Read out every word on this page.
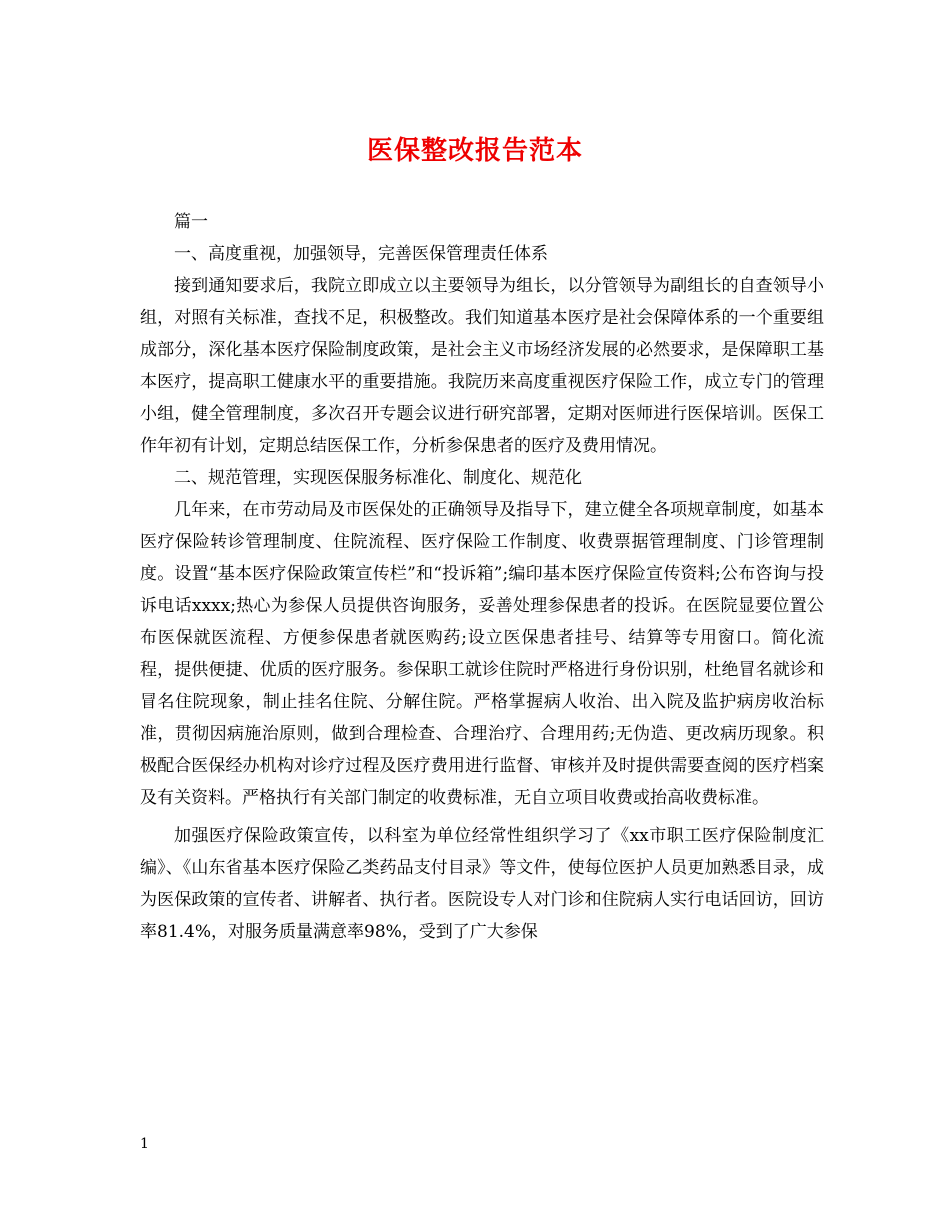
医保整改报告范本

篇一

一、高度重视，加强领导，完善医保管理责任体系

接到通知要求后，我院立即成立以主要领导为组长，以分管领导为副组长的自查领导小组，对照有关标准，查找不足，积极整改。我们知道基本医疗是社会保障体系的一个重要组成部分，深化基本医疗保险制度政策，是社会主义市场经济发展的必然要求，是保障职工基本医疗，提高职工健康水平的重要措施。我院历来高度重视医疗保险工作，成立专门的管理小组，健全管理制度，多次召开专题会议进行研究部署，定期对医师进行医保培训。医保工作年初有计划，定期总结医保工作，分析参保患者的医疗及费用情况。

二、规范管理，实现医保服务标准化、制度化、规范化

几年来，在市劳动局及市医保处的正确领导及指导下，建立健全各项规章制度，如基本医疗保险转诊管理制度、住院流程、医疗保险工作制度、收费票据管理制度、门诊管理制度。设置“基本医疗保险政策宣传栏”和“投诉箱”;编印基本医疗保险宣传资料;公布咨询与投诉电话xxxx;热心为参保人员提供咨询服务，妥善处理参保患者的投诉。在医院显要位置公布医保就医流程、方便参保患者就医购药;设立医保患者挂号、结算等专用窗口。简化流程，提供便捷、优质的医疗服务。参保职工就诊住院时严格进行身份识别，杜绝冒名就诊和冒名住院现象，制止挂名住院、分解住院。严格掌握病人收治、出入院及监护病房收治标准，贯彻因病施治原则，做到合理检查、合理治疗、合理用药;无伪造、更改病历现象。积极配合医保经办机构对诊疗过程及医疗费用进行监督、审核并及时提供需要查阅的医疗档案及有关资料。严格执行有关部门制定的收费标准，无自立项目收费或抬高收费标准。

加强医疗保险政策宣传，以科室为单位经常性组织学习了《xx市职工医疗保险制度汇编》、《山东省基本医疗保险乙类药品支付目录》等文件，使每位医护人员更加熟悉目录，成为医保政策的宣传者、讲解者、执行者。医院设专人对门诊和住院病人实行电话回访，回访率81.4%，对服务质量满意率98%，受到了广大参保

1
